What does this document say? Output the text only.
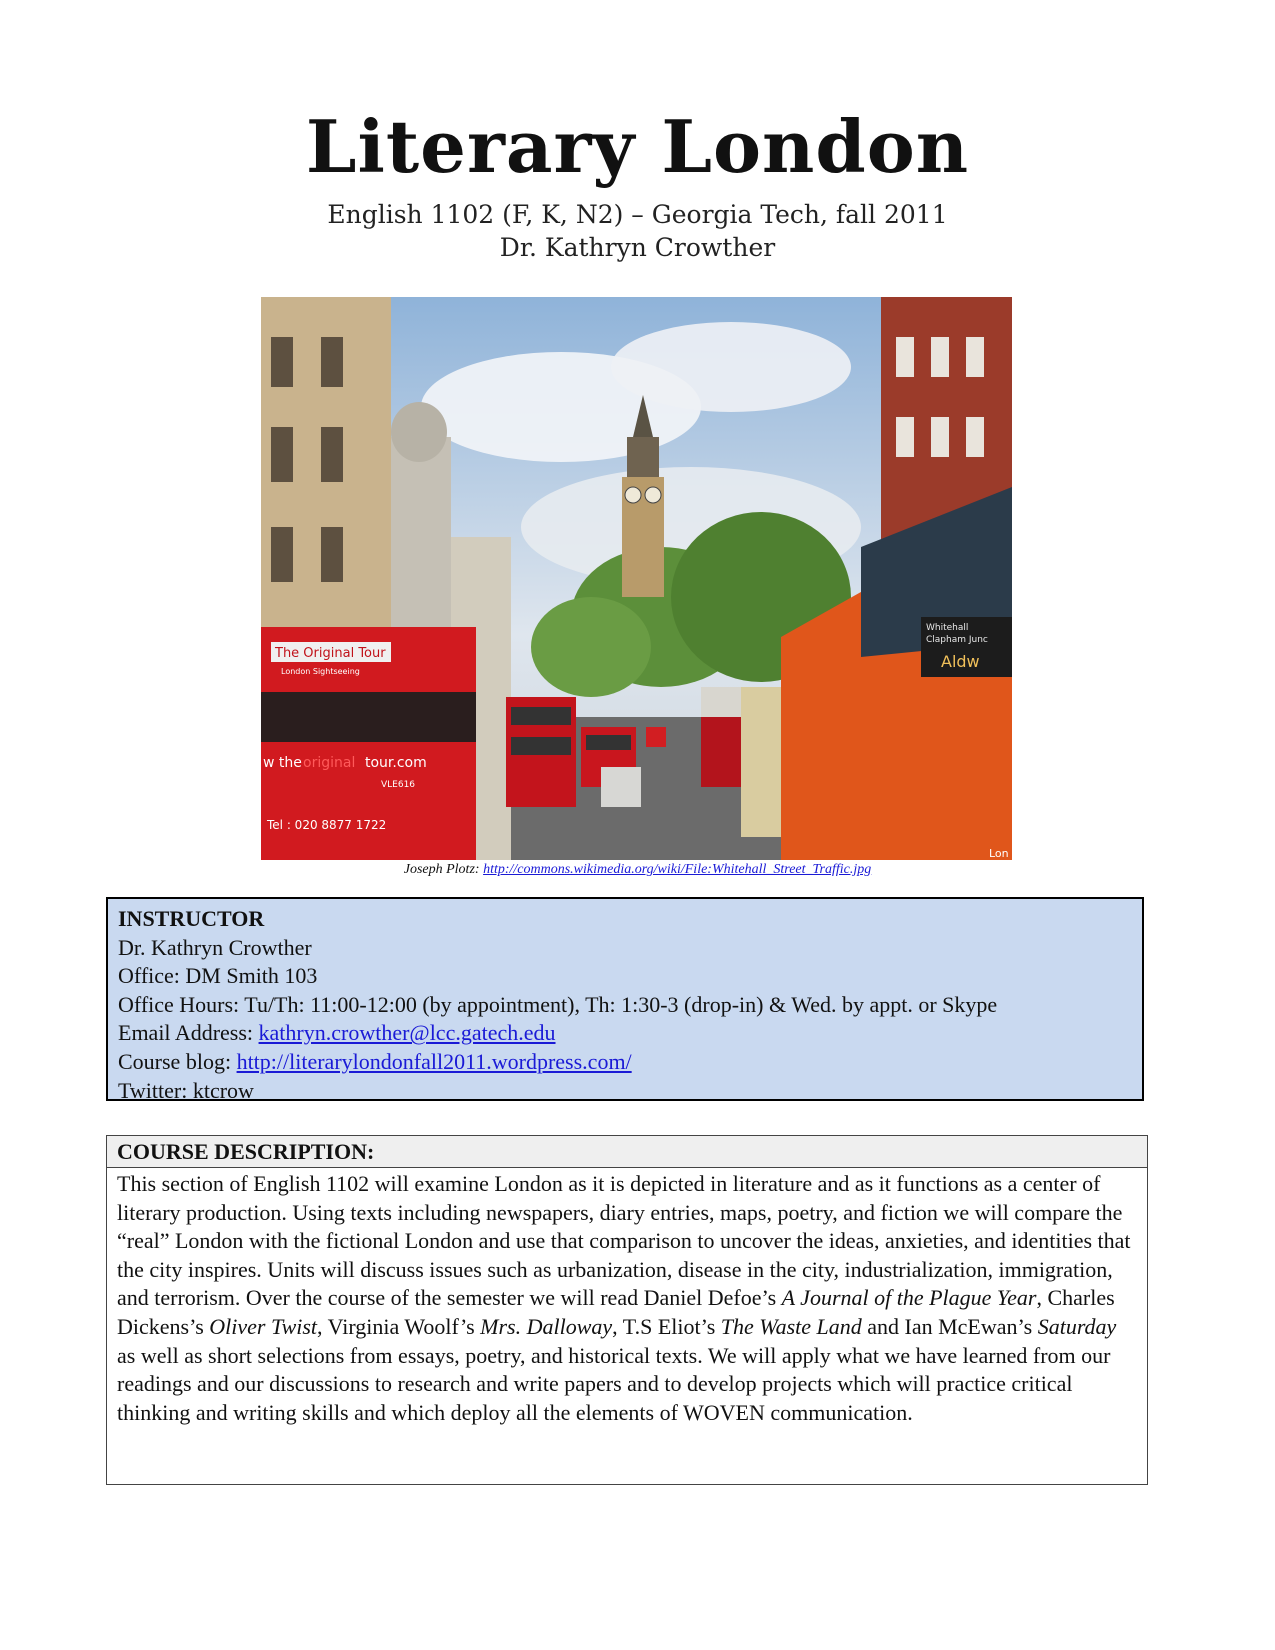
Literary London
English 1102 (F, K, N2) – Georgia Tech, fall 2011
Dr. Kathryn Crowther
The Original Tour
London Sightseeing
w the original tour.com
VLE616
Tel : 020 8877 1722
Whitehall
Clapham Junc
Aldw
Lon
Joseph Plotz: http://commons.wikimedia.org/wiki/File:Whitehall_Street_Traffic.jpg
INSTRUCTOR
Dr. Kathryn Crowther
Office: DM Smith 103
Office Hours: Tu/Th: 11:00-12:00 (by appointment), Th: 1:30-3 (drop-in) & Wed. by appt. or Skype
Email Address: kathryn.crowther@lcc.gatech.edu
Course blog: http://literarylondonfall2011.wordpress.com/
Twitter: ktcrow
COURSE DESCRIPTION:
This section of English 1102 will examine London as it is depicted in literature and as it functions as a center of literary production. Using texts including newspapers, diary entries, maps, poetry, and fiction we will compare the “real” London with the fictional London and use that comparison to uncover the ideas, anxieties, and identities that the city inspires. Units will discuss issues such as urbanization, disease in the city, industrialization, immigration, and terrorism. Over the course of the semester we will read Daniel Defoe’s A Journal of the Plague Year, Charles Dickens’s Oliver Twist, Virginia Woolf’s Mrs. Dalloway, T.S Eliot’s The Waste Land and Ian McEwan’s Saturday as well as short selections from essays, poetry, and historical texts. We will apply what we have learned from our readings and our discussions to research and write papers and to develop projects which will practice critical thinking and writing skills and which deploy all the elements of WOVEN communication.
